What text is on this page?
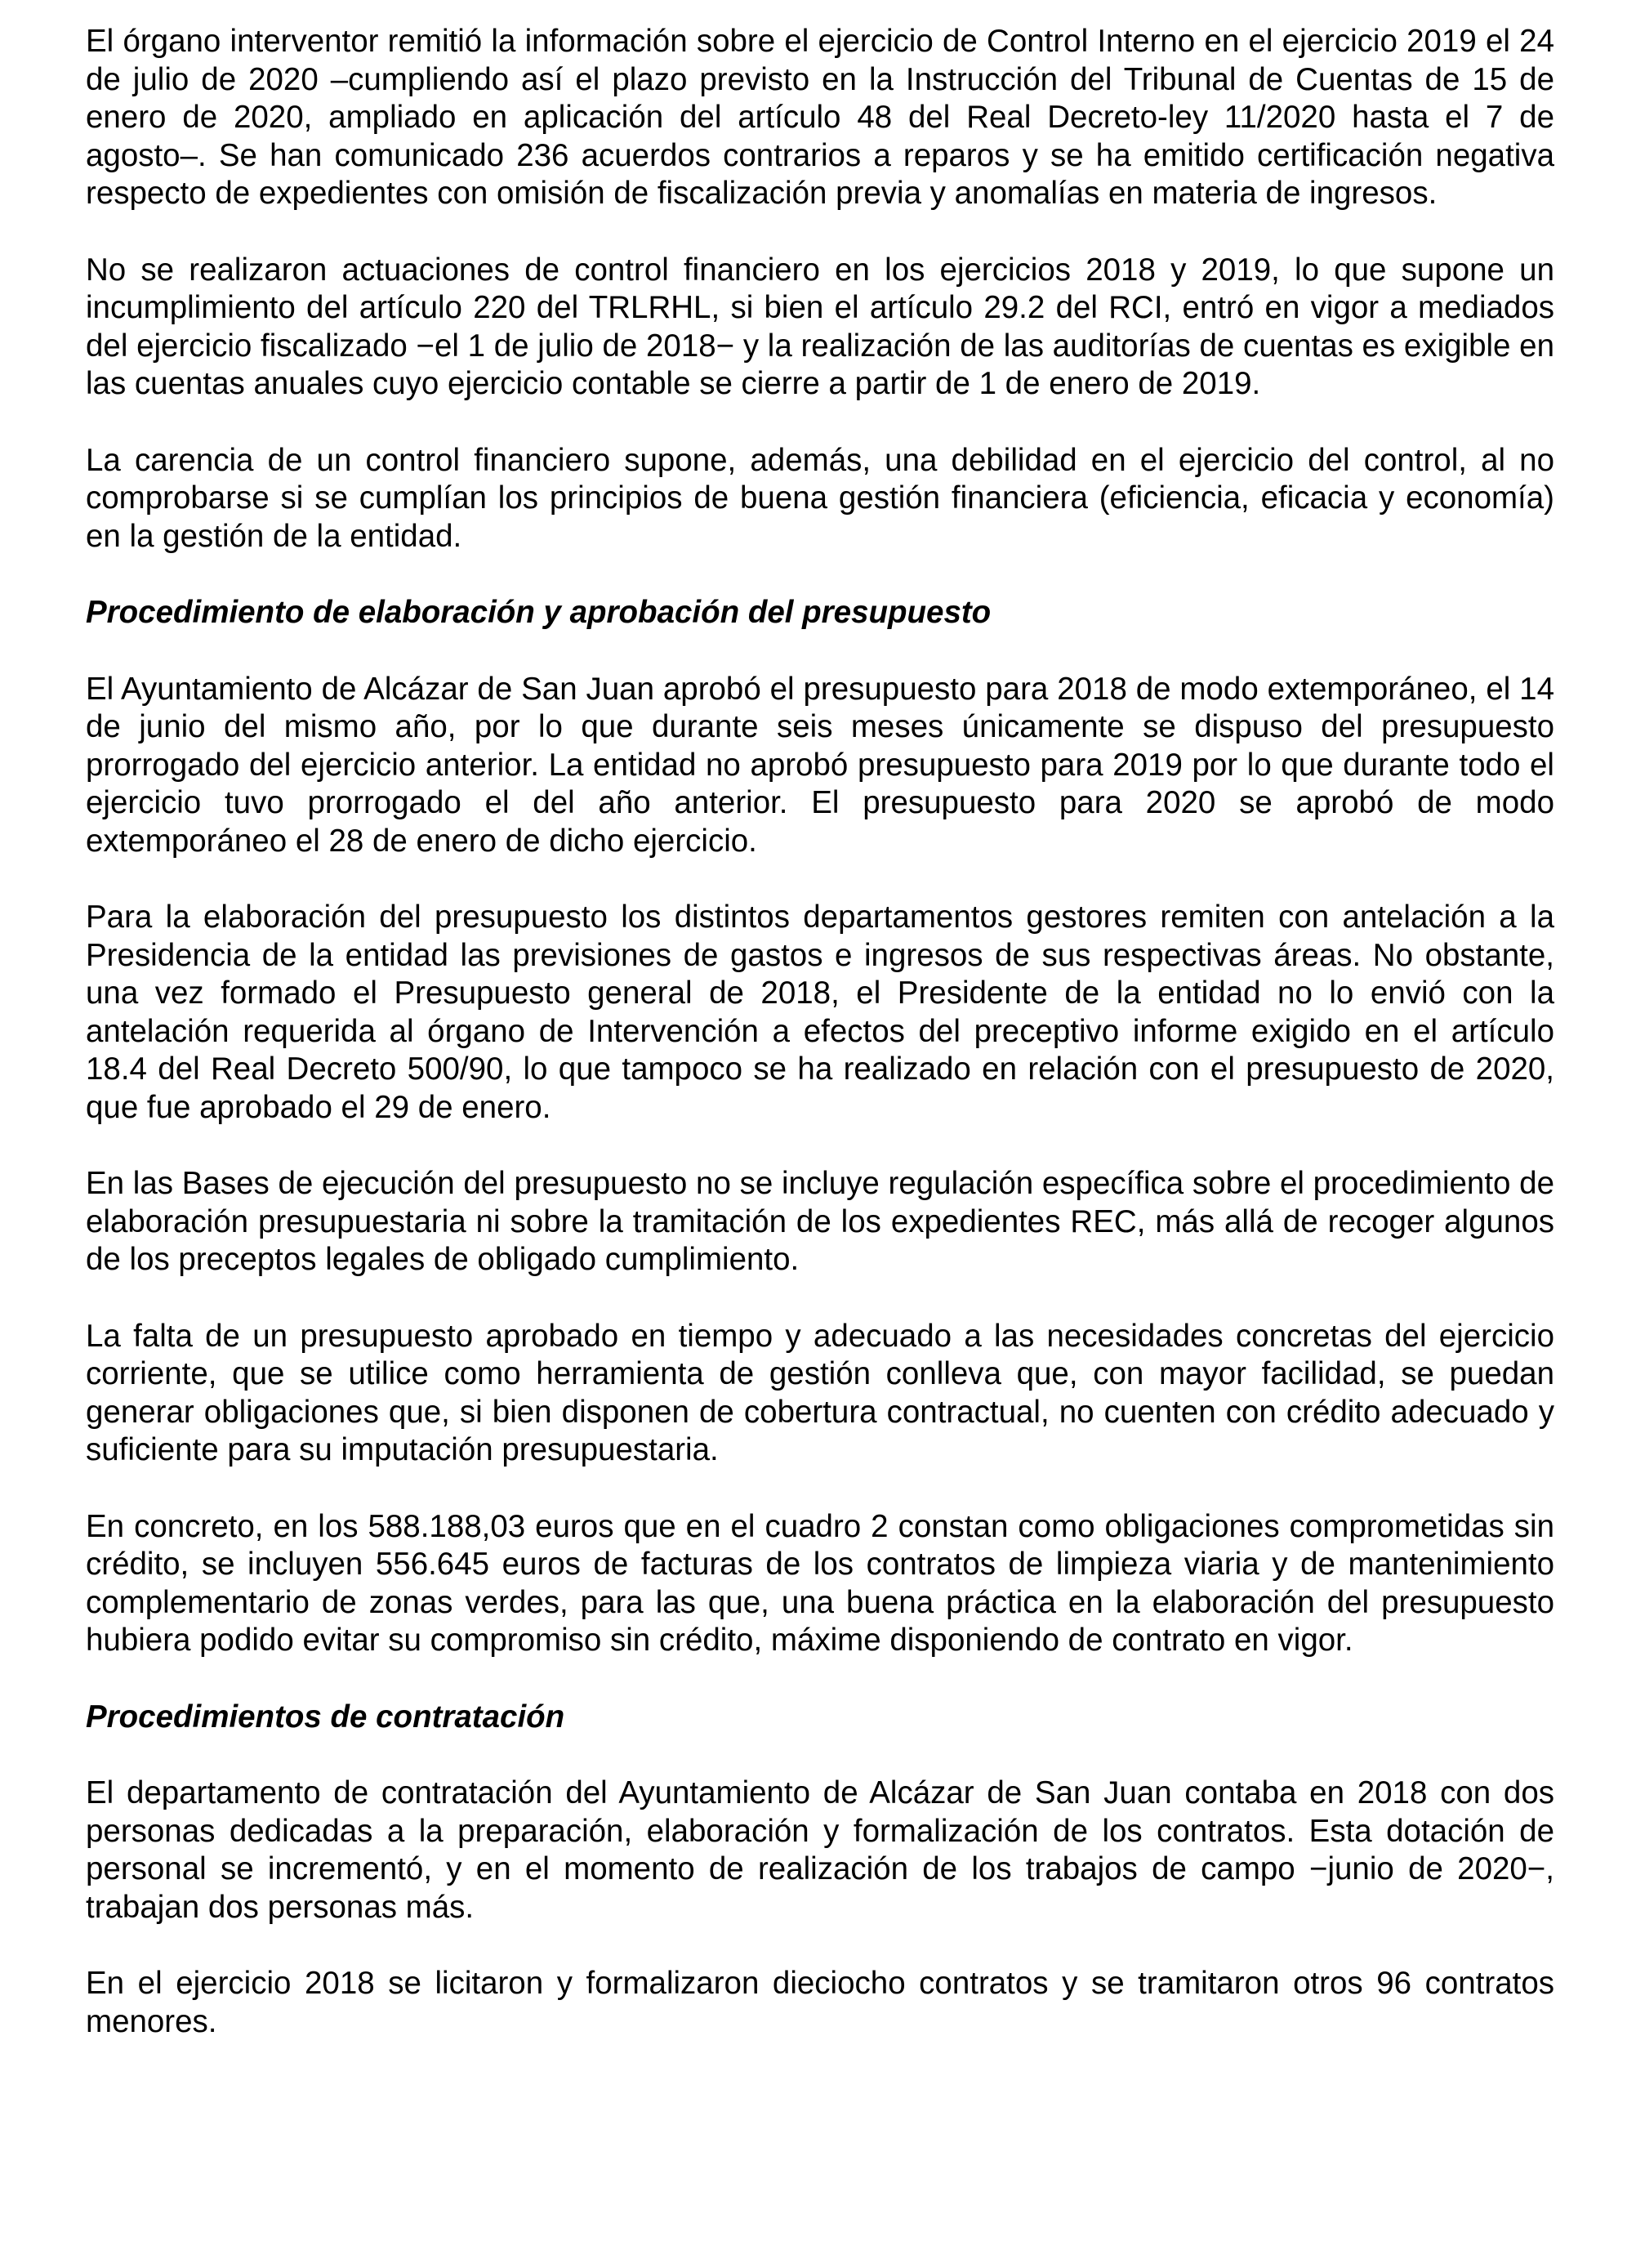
El órgano interventor remitió la información sobre el ejercicio de Control Interno en el ejercicio 2019 el 24 de julio de 2020 –cumpliendo así el plazo previsto en la Instrucción del Tribunal de Cuentas de 15 de enero de 2020, ampliado en aplicación del artículo 48 del Real Decreto-ley 11/2020 hasta el 7 de agosto–. Se han comunicado 236 acuerdos contrarios a reparos y se ha emitido certificación negativa respecto de expedientes con omisión de fiscalización previa y anomalías en materia de ingresos.

No se realizaron actuaciones de control financiero en los ejercicios 2018 y 2019, lo que supone un incumplimiento del artículo 220 del TRLRHL, si bien el artículo 29.2 del RCI, entró en vigor a mediados del ejercicio fiscalizado −el 1 de julio de 2018− y la realización de las auditorías de cuentas es exigible en las cuentas anuales cuyo ejercicio contable se cierre a partir de 1 de enero de 2019.

La carencia de un control financiero supone, además, una debilidad en el ejercicio del control, al no comprobarse si se cumplían los principios de buena gestión financiera (eficiencia, eficacia y economía) en la gestión de la entidad.

Procedimiento de elaboración y aprobación del presupuesto

El Ayuntamiento de Alcázar de San Juan aprobó el presupuesto para 2018 de modo extemporáneo, el 14 de junio del mismo año, por lo que durante seis meses únicamente se dispuso del presupuesto prorrogado del ejercicio anterior. La entidad no aprobó presupuesto para 2019 por lo que durante todo el ejercicio tuvo prorrogado el del año anterior. El presupuesto para 2020 se aprobó de modo extemporáneo el 28 de enero de dicho ejercicio.

Para la elaboración del presupuesto los distintos departamentos gestores remiten con antelación a la Presidencia de la entidad las previsiones de gastos e ingresos de sus respectivas áreas. No obstante, una vez formado el Presupuesto general de 2018, el Presidente de la entidad no lo envió con la antelación requerida al órgano de Intervención a efectos del preceptivo informe exigido en el artículo 18.4 del Real Decreto 500/90, lo que tampoco se ha realizado en relación con el presupuesto de 2020, que fue aprobado el 29 de enero.

En las Bases de ejecución del presupuesto no se incluye regulación específica sobre el procedimiento de elaboración presupuestaria ni sobre la tramitación de los expedientes REC, más allá de recoger algunos de los preceptos legales de obligado cumplimiento.

La falta de un presupuesto aprobado en tiempo y adecuado a las necesidades concretas del ejercicio corriente, que se utilice como herramienta de gestión conlleva que, con mayor facilidad, se puedan generar obligaciones que, si bien disponen de cobertura contractual, no cuenten con crédito adecuado y suficiente para su imputación presupuestaria.

En concreto, en los 588.188,03 euros que en el cuadro 2 constan como obligaciones comprometidas sin crédito, se incluyen 556.645 euros de facturas de los contratos de limpieza viaria y de mantenimiento complementario de zonas verdes, para las que, una buena práctica en la elaboración del presupuesto hubiera podido evitar su compromiso sin crédito, máxime disponiendo de contrato en vigor.

Procedimientos de contratación

El departamento de contratación del Ayuntamiento de Alcázar de San Juan contaba en 2018 con dos personas dedicadas a la preparación, elaboración y formalización de los contratos. Esta dotación de personal se incrementó, y en el momento de realización de los trabajos de campo −junio de 2020−, trabajan dos personas más.

En el ejercicio 2018 se licitaron y formalizaron dieciocho contratos y se tramitaron otros 96 contratos menores.
